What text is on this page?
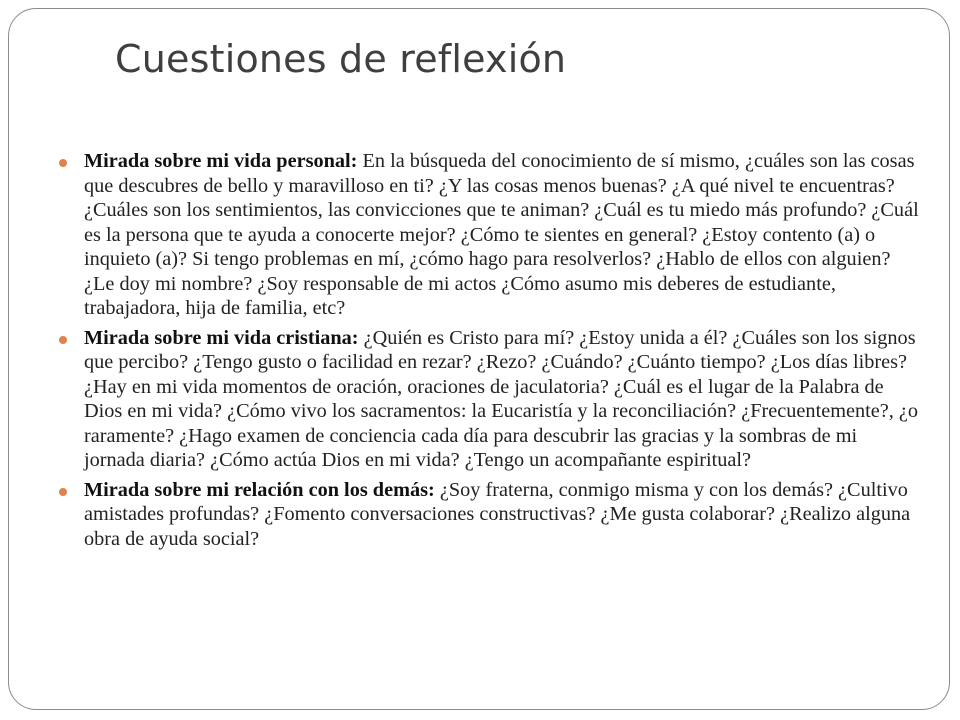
Cuestiones de reflexión
Mirada sobre mi vida personal: En la búsqueda del conocimiento de sí mismo, ¿cuáles son las cosas que descubres de bello y maravilloso en ti? ¿Y las cosas menos buenas? ¿A qué nivel te encuentras? ¿Cuáles son los sentimientos, las convicciones que te animan? ¿Cuál es tu miedo más profundo? ¿Cuál es la persona que te ayuda a conocerte mejor? ¿Cómo te sientes en general? ¿Estoy contento (a) o inquieto (a)? Si tengo problemas en mí, ¿cómo hago para resolverlos? ¿Hablo de ellos con alguien? ¿Le doy mi nombre? ¿Soy responsable de mi actos ¿Cómo asumo mis deberes de estudiante, trabajadora, hija de familia, etc?
Mirada sobre mi vida cristiana: ¿Quién es Cristo para mí? ¿Estoy unida a él? ¿Cuáles son los signos que percibo? ¿Tengo gusto o facilidad en rezar? ¿Rezo? ¿Cuándo? ¿Cuánto tiempo? ¿Los días libres? ¿Hay en mi vida momentos de oración, oraciones de jaculatoria? ¿Cuál es el lugar de la Palabra de Dios en mi vida? ¿Cómo vivo los sacramentos: la Eucaristía y la reconciliación? ¿Frecuentemente?, ¿o raramente? ¿Hago examen de conciencia cada día para descubrir las gracias y la sombras de mi jornada diaria? ¿Cómo actúa Dios en mi vida? ¿Tengo un acompañante espiritual?
Mirada sobre mi relación con los demás: ¿Soy fraterna, conmigo misma y con los demás? ¿Cultivo amistades profundas? ¿Fomento conversaciones constructivas? ¿Me gusta colaborar? ¿Realizo alguna obra de ayuda social?
